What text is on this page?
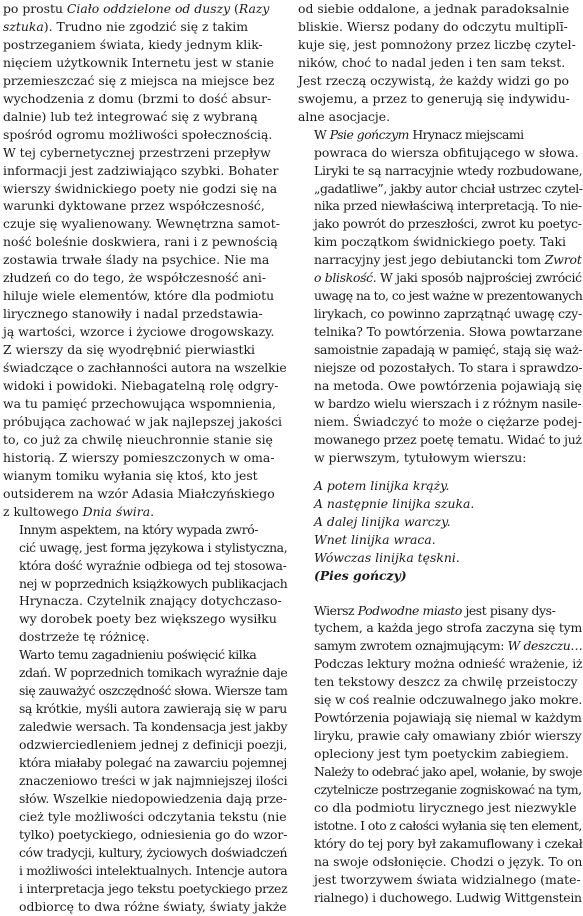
po prostu Ciało oddzielone od duszy (Razy
sztuka). Trudno nie zgodzić się z takim
postrzeganiem świata, kiedy jednym klik-
nięciem użytkownik Internetu jest w stanie
przemieszczać się z miejsca na miejsce bez
wychodzenia z domu (brzmi to dość absur-
dalnie) lub też integrować się z wybraną
spośród ogromu możliwości społecznością.
W tej cybernetycznej przestrzeni przepływ
informacji jest zadziwiająco szybki. Bohater
wierszy świdnickiego poety nie godzi się na
warunki dyktowane przez współczesność,
czuje się wyalienowany. Wewnętrzna samot-
ność boleśnie doskwiera, rani i z pewnością
zostawia trwałe ślady na psychice. Nie ma
złudzeń co do tego, że współczesność ani-
hiluje wiele elementów, które dla podmiotu
lirycznego stanowiły i nadal przedstawia-
ją wartości, wzorce i życiowe drogowskazy.
Z wierszy da się wyodrębnić pierwiastki
świadczące o zachłanności autora na wszelkie
widoki i powidoki. Niebagatelną rolę odgry-
wa tu pamięć przechowująca wspomnienia,
próbująca zachować w jak najlepszej jakości
to, co już za chwilę nieuchronnie stanie się
historią. Z wierszy pomieszczonych w oma-
wianym tomiku wyłania się ktoś, kto jest
outsiderem na wzór Adasia Miałczyńskiego
z kultowego Dnia świra.

Innym aspektem, na który wypada zwró-
cić uwagę, jest forma językowa i stylistyczna,
która dość wyraźnie odbiega od tej stosowa-
nej w poprzednich książkowych publikacjach
Hrynacza. Czytelnik znający dotychczaso-
wy dorobek poety bez większego wysiłku
dostrzeże tę różnicę.

Warto temu zagadnieniu poświęcić kilka
zdań. W poprzednich tomikach wyraźnie daje
się zauważyć oszczędność słowa. Wiersze tam
są krótkie, myśli autora zawierają się w paru
zaledwie wersach. Ta kondensacja jest jakby
odzwierciedleniem jednej z definicji poezji,
która miałaby polegać na zawarciu pojemnej
znaczeniowo treści w jak najmniejszej ilości
słów. Wszelkie niedopowiedzenia dają prze-
cież tyle możliwości odczytania tekstu (nie
tylko) poetyckiego, odniesienia go do wzor-
ców tradycji, kultury, życiowych doświadczeń
i możliwości intelektualnych. Intencje autora
i interpretacja jego tekstu poetyckiego przez
odbiorcę to dwa różne światy, światy jakże

od siebie oddalone, a jednak paradoksalnie
bliskie. Wiersz podany do odczytu multiplī-
kuje się, jest pomnożony przez liczbę czytel-
ników, choć to nadal jeden i ten sam tekst.
Jest rzeczą oczywistą, że każdy widzi go po
swojemu, a przez to generują się indywidu-
alne asocjacje.

W Psie gończym Hrynacz miejscami
powraca do wiersza obfitującego w słowa.
Liryki te są narracyjnie wtedy rozbudowane,
„gadatliwe”, jakby autor chciał ustrzec czytel-
nika przed niewłaściwą interpretacją. To nie-
jako powrót do przeszłości, zwrot ku poetyc-
kim początkom świdnickiego poety. Taki
narracyjny jest jego debiutancki tom Zwrot
o bliskość. W jaki sposób najprościej zwrócić
uwagę na to, co jest ważne w prezentowanych
lirykach, co powinno zaprzątnąć uwagę czy-
telnika? To powtórzenia. Słowa powtarzane
samoistnie zapadają w pamięć, stają się waż-
niejsze od pozostałych. To stara i sprawdzo-
na metoda. Owe powtórzenia pojawiają się
w bardzo wielu wierszach i z różnym nasile-
niem. Świadczyć to może o ciężarze podej-
mowanego przez poetę tematu. Widać to już
w pierwszym, tytułowym wierszu:

A potem linijka krąży.
A następnie linijka szuka.
A dalej linijka warczy.
Wnet linijka wraca.
Wówczas linijka tęskni.
(Pies gończy)

Wiersz Podwodne miasto jest pisany dys-
tychem, a każda jego strofa zaczyna się tym
samym zwrotem oznajmującym: W deszczu…
Podczas lektury można odnieść wrażenie, iż
ten tekstowy deszcz za chwilę przeistoczy
się w coś realnie odczuwalnego jako mokre.
Powtórzenia pojawiają się niemal w każdym
liryku, prawie cały omawiany zbiór wierszy
opleciony jest tym poetyckim zabiegiem.
Należy to odebrać jako apel, wołanie, by swoje
czytelnicze postrzeganie zogniskować na tym,
co dla podmiotu lirycznego jest niezwykle
istotne. I oto z całości wyłania się ten element,
który do tej pory był zakamuflowany i czekał
na swoje odsłonięcie. Chodzi o język. To on
jest tworzywem świata widzialnego (mate-
rialnego) i duchowego. Ludwig Wittgenstein
